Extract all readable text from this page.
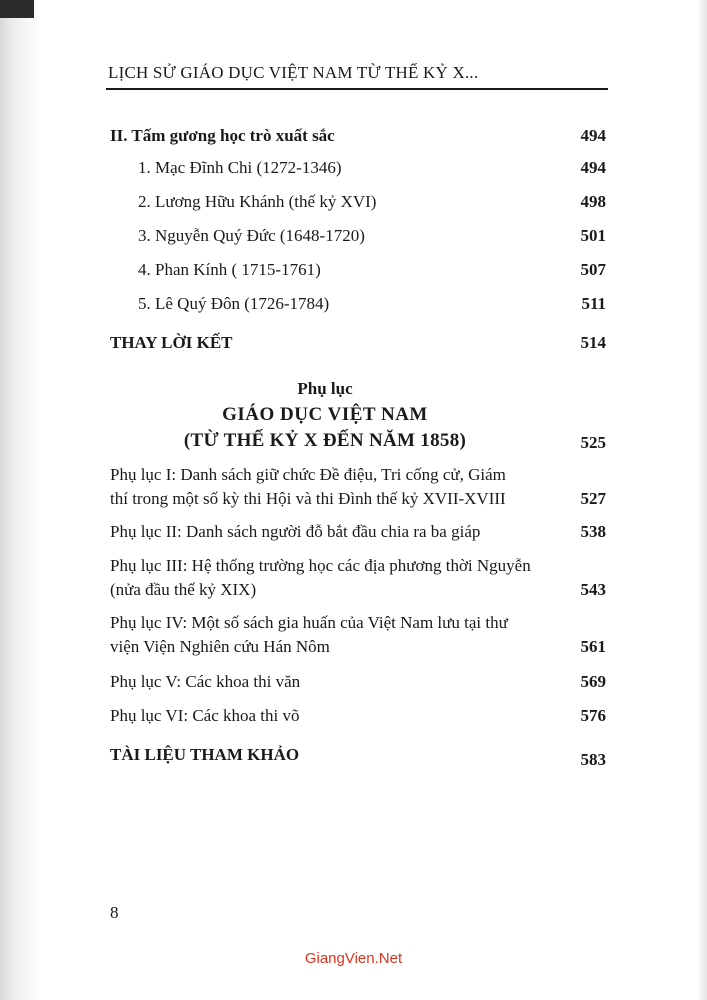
LỊCH SỬ GIÁO DỤC VIỆT NAM TỪ THẾ KỶ X...
II. Tấm gương học trò xuất sắc	494
1. Mạc Đĩnh Chi (1272-1346)	494
2. Lương Hữu Khánh (thế kỷ XVI)	498
3. Nguyễn Quý Đức (1648-1720)	501
4. Phan Kính ( 1715-1761)	507
5. Lê Quý Đôn (1726-1784)	511
THAY LỜI KẾT	514
Phụ lục
GIÁO DỤC VIỆT NAM
(TỪ THẾ KỶ X ĐẾN NĂM 1858)	525
Phụ lục I: Danh sách giữ chức Đề điệu, Tri cống cử, Giám
thí trong một số kỳ thi Hội và thi Đình thế kỷ XVII-XVIII	527
Phụ lục II: Danh sách người đỗ bắt đầu chia ra ba giáp	538
Phụ lục III: Hệ thống trường học các địa phương thời Nguyễn
(nửa đầu thế kỷ XIX)	543
Phụ lục IV: Một số sách gia huấn của Việt Nam lưu tại thư
viện Viện Nghiên cứu Hán Nôm	561
Phụ lục V: Các khoa thi văn	569
Phụ lục VI: Các khoa thi võ	576
TÀI LIỆU THAM KHẢO	583
8
GiangVien.Net
